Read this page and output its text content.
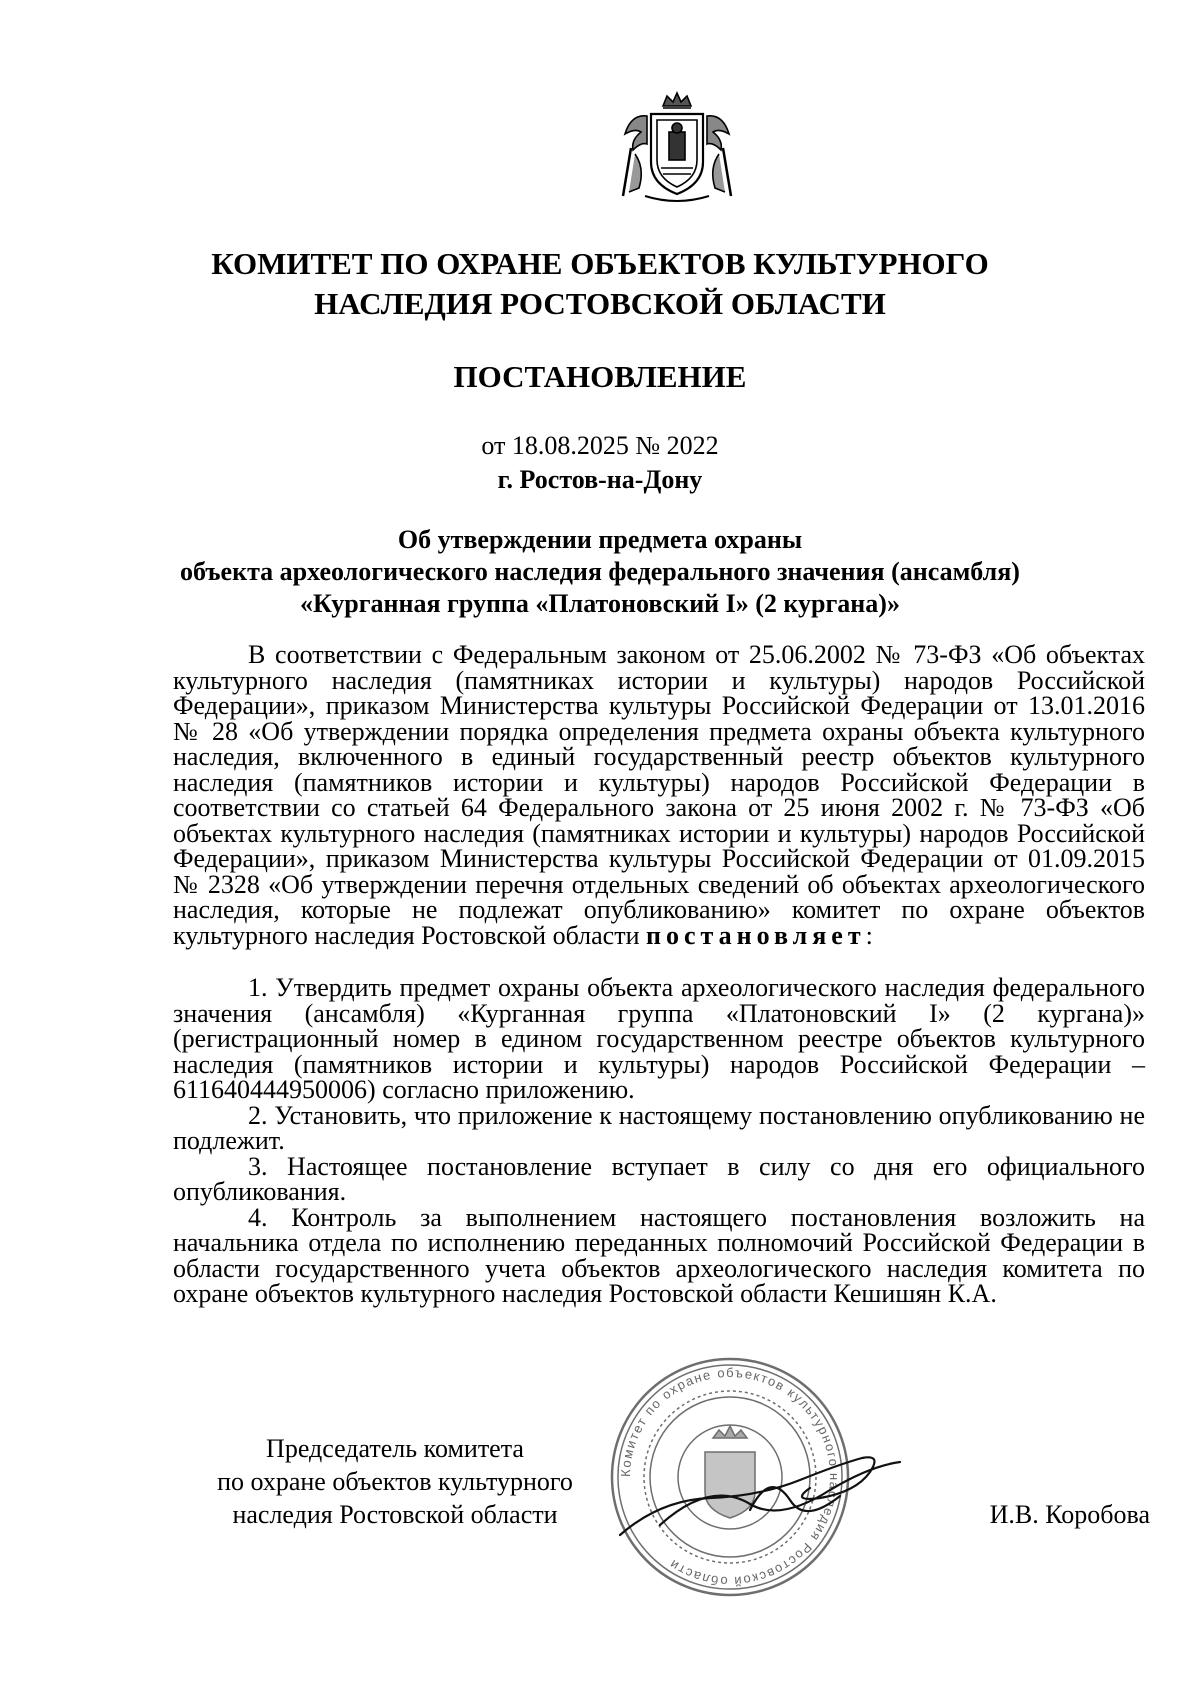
КОМИТЕТ ПО ОХРАНЕ ОБЪЕКТОВ КУЛЬТУРНОГО
НАСЛЕДИЯ РОСТОВСКОЙ ОБЛАСТИ
ПОСТАНОВЛЕНИЕ
от 18.08.2025 № 2022
г. Ростов-на-Дону
Об утверждении предмета охраны
объекта археологического наследия федерального значения (ансамбля)
«Курганная группа «Платоновский I» (2 кургана)»

В соответствии с Федеральным законом от 25.06.2002 № 73-ФЗ «Об объектах культурного наследия (памятниках истории и культуры) народов Российской Федерации», приказом Министерства культуры Российской Федерации от 13.01.2016 № 28 «Об утверждении порядка определения предмета охраны объекта культурного наследия, включенного в единый государственный реестр объектов культурного наследия (памятников истории и культуры) народов Российской Федерации в соответствии со статьей 64 Федерального закона от 25 июня 2002 г. № 73-ФЗ «Об объектах культурного наследия (памятниках истории и культуры) народов Российской Федерации», приказом Министерства культуры Российской Федерации от 01.09.2015 № 2328 «Об утверждении перечня отдельных сведений об объектах археологического наследия, которые не подлежат опубликованию» комитет по охране объектов культурного наследия Ростовской области постановляет:

1. Утвердить предмет охраны объекта археологического наследия федерального значения (ансамбля) «Курганная группа «Платоновский I» (2 кургана)» (регистрационный номер в едином государственном реестре объектов культурного наследия (памятников истории и культуры) народов Российской Федерации – 611640444950006) согласно приложению.

2. Установить, что приложение к настоящему постановлению опубликованию не подлежит.

3. Настоящее постановление вступает в силу со дня его официального опубликования.

4. Контроль за выполнением настоящего постановления возложить на начальника отдела по исполнению переданных полномочий Российской Федерации в области государственного учета объектов археологического наследия комитета по охране объектов культурного наследия Ростовской области Кешишян К.А.

Председатель комитета
по охране объектов культурного
наследия Ростовской области
Комитет по охране объектов культурного наследия Ростовской области
И.В. Коробова
